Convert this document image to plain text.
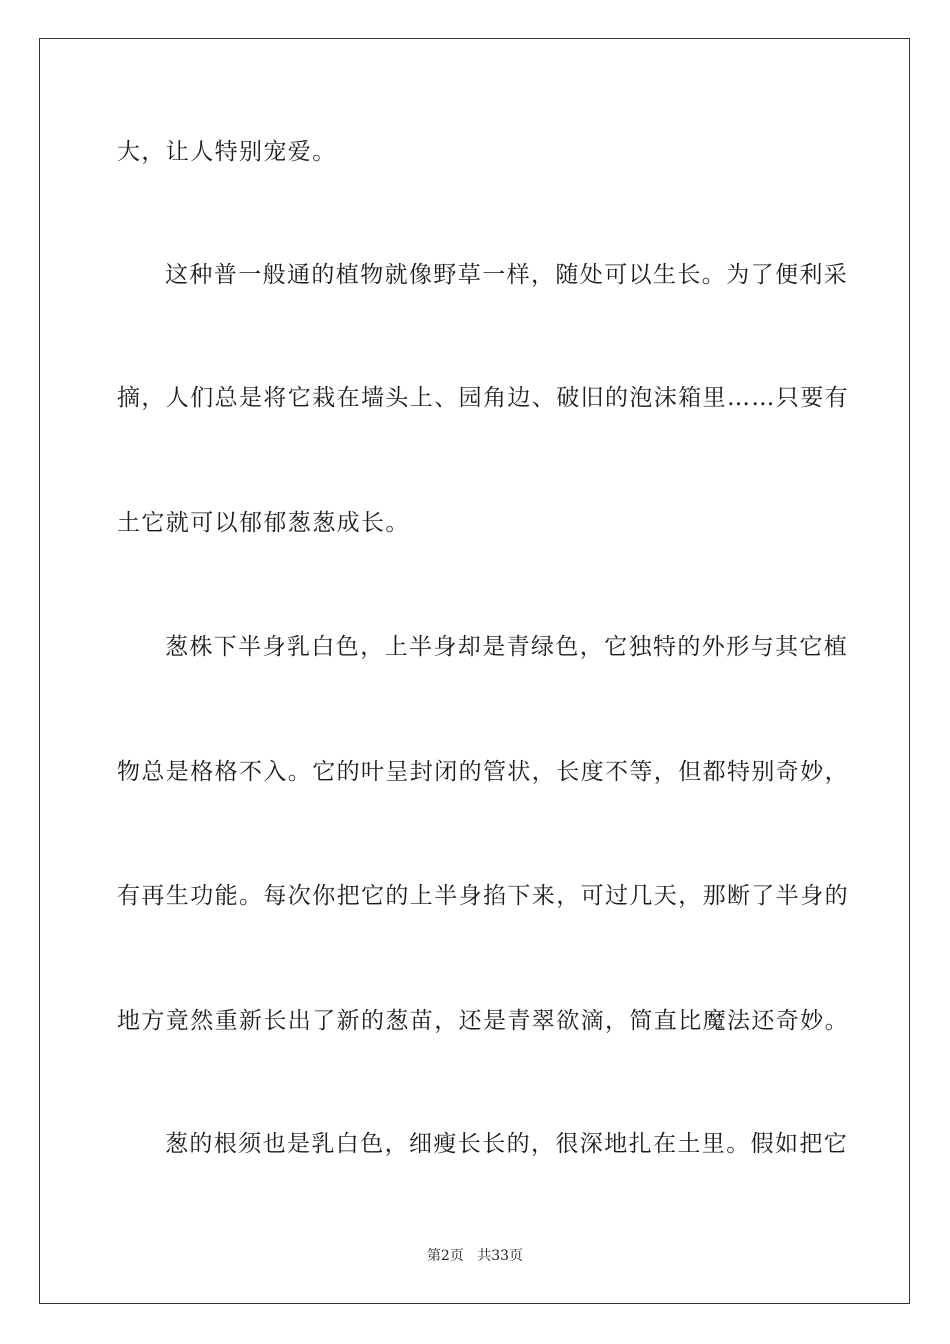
大，让人特别宠爱。
这种普一般通的植物就像野草一样，随处可以生长。为了便利采
摘，人们总是将它栽在墙头上、园角边、破旧的泡沫箱里……只要有
土它就可以郁郁葱葱成长。
葱株下半身乳白色，上半身却是青绿色，它独特的外形与其它植
物总是格格不入。它的叶呈封闭的管状，长度不等，但都特别奇妙，
有再生功能。每次你把它的上半身掐下来，可过几天，那断了半身的
地方竟然重新长出了新的葱苗，还是青翠欲滴，简直比魔法还奇妙。
葱的根须也是乳白色，细瘦长长的，很深地扎在土里。假如把它
第2页 共33页
